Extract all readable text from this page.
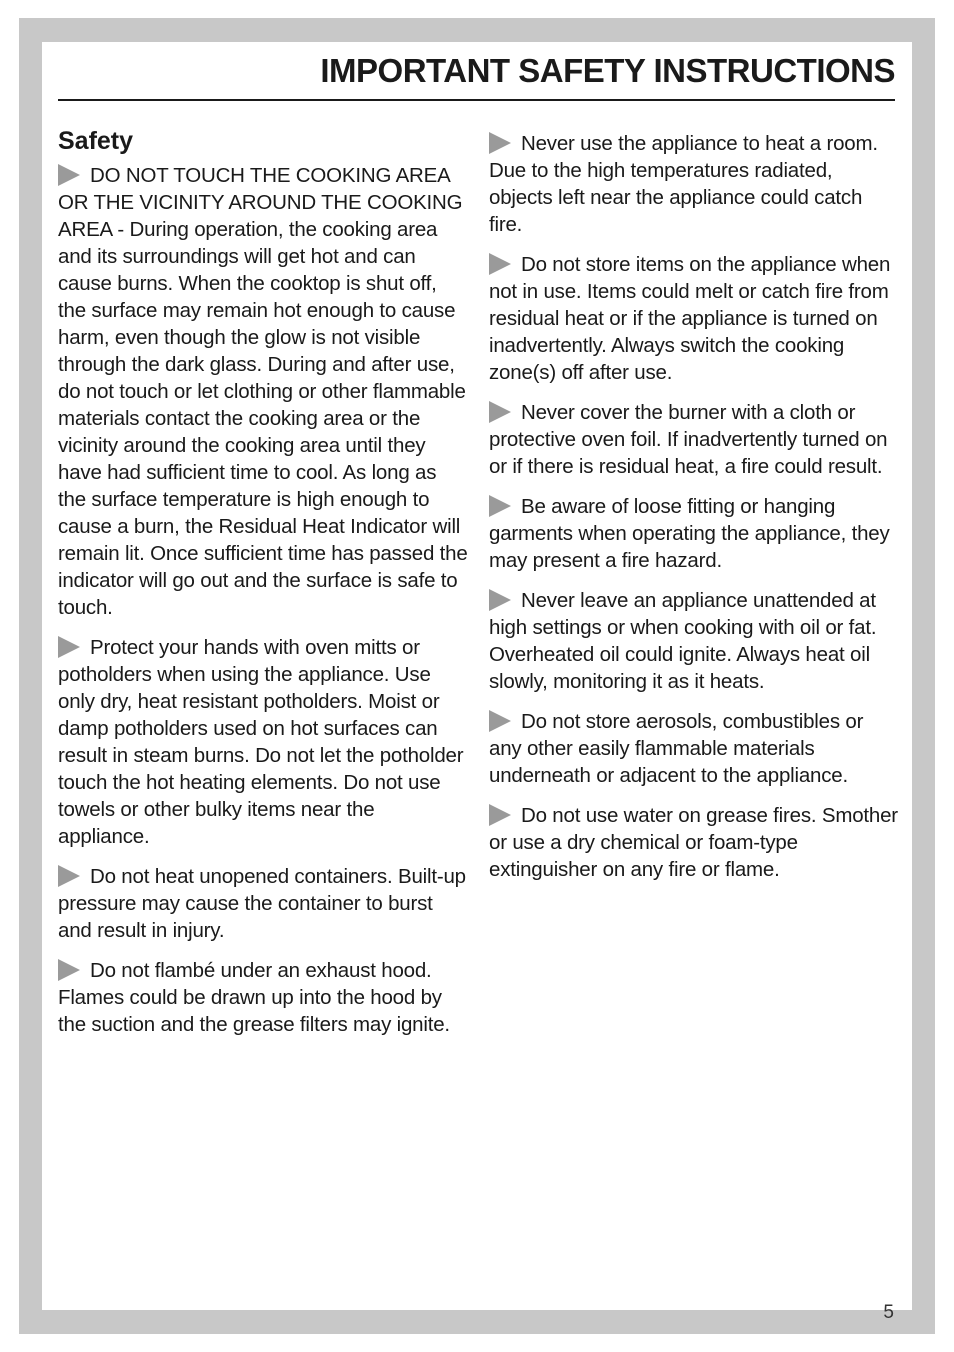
IMPORTANT SAFETY INSTRUCTIONS
Safety

DO NOT TOUCH THE COOKING AREA OR THE VICINITY AROUND THE COOKING AREA - During operation, the cooking area and its surroundings will get hot and can cause burns. When the cooktop is shut off, the surface may remain hot enough to cause harm, even though the glow is not visible through the dark glass. During and after use, do not touch or let clothing or other flammable materials contact the cooking area or the vicinity around the cooking area until they have had sufficient time to cool. As long as the surface temperature is high enough to cause a burn, the Residual Heat Indicator will remain lit. Once sufficient time has passed the indicator will go out and the surface is safe to touch.

Protect your hands with oven mitts or potholders when using the appliance. Use only dry, heat resistant potholders. Moist or damp potholders used on hot surfaces can result in steam burns. Do not let the potholder touch the hot heating elements. Do not use towels or other bulky items near the appliance.

Do not heat unopened containers. Built-up pressure may cause the container to burst and result in injury.

Do not flambé under an exhaust hood. Flames could be drawn up into the hood by the suction and the grease filters may ignite.

Never use the appliance to heat a room. Due to the high temperatures radiated, objects left near the appliance could catch fire.

Do not store items on the appliance when not in use. Items could melt or catch fire from residual heat or if the appliance is turned on inadvertently. Always switch the cooking zone(s) off after use.

Never cover the burner with a cloth or protective oven foil. If inadvertently turned on or if there is residual heat, a fire could result.

Be aware of loose fitting or hanging garments when operating the appliance, they may present a fire hazard.

Never leave an appliance unattended at high settings or when cooking with oil or fat. Overheated oil could ignite. Always heat oil slowly, monitoring it as it heats.

Do not store aerosols, combustibles or any other easily flammable materials underneath or adjacent to the appliance.

Do not use water on grease fires. Smother or use a dry chemical or foam-type extinguisher on any fire or flame.

5
